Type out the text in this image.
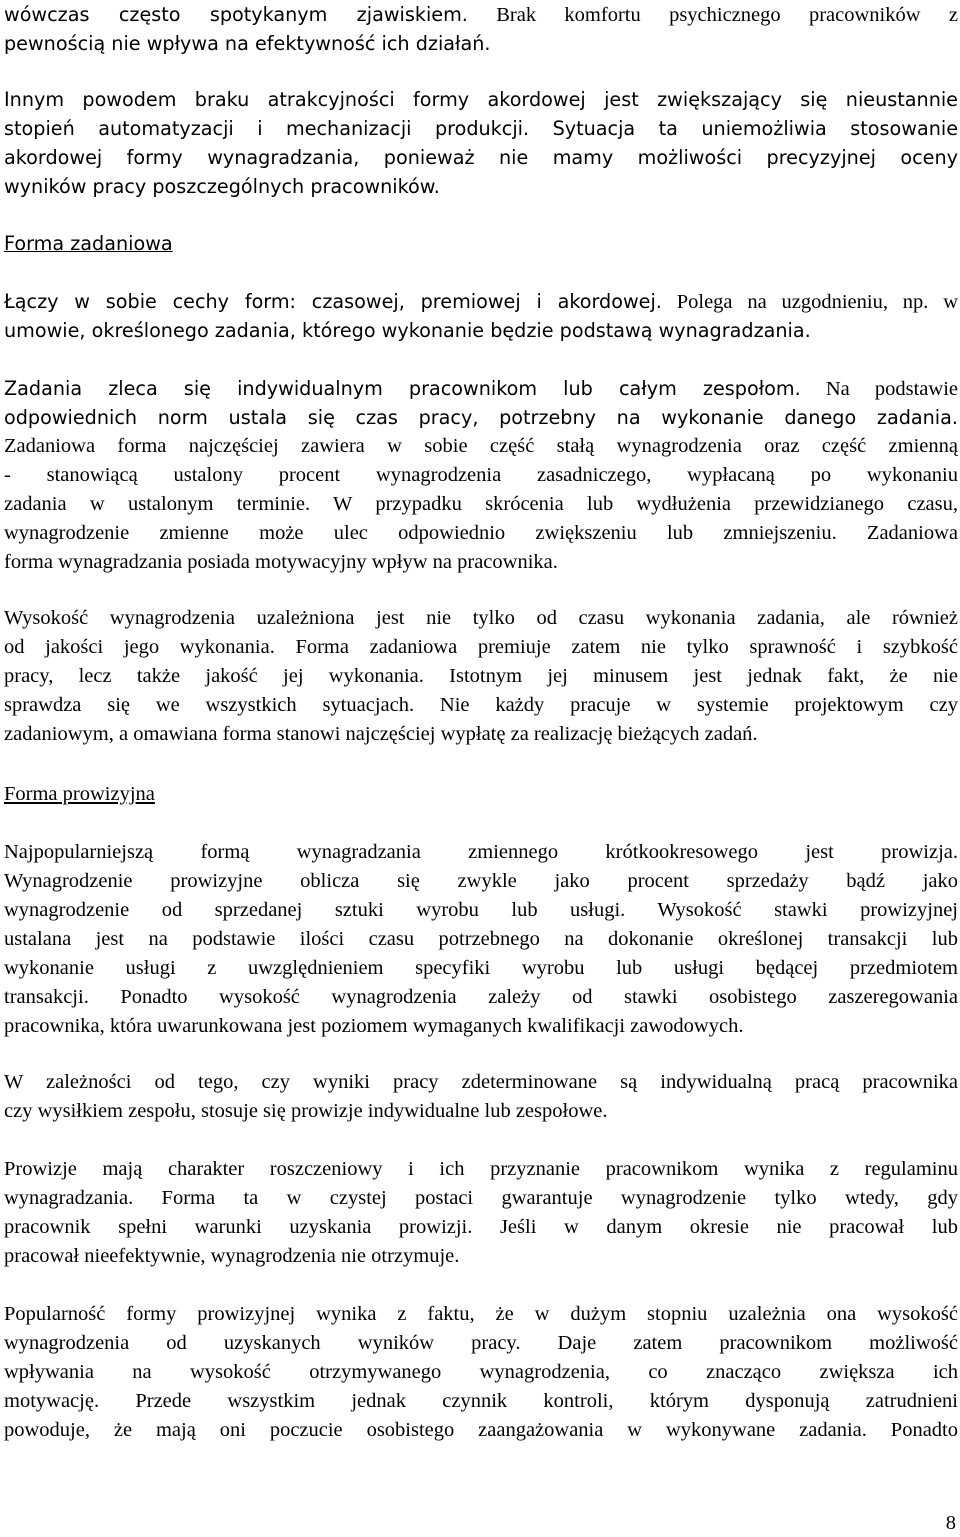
wówczas często spotykanym zjawiskiem. Brak komfortu psychicznego pracowników z
pewnością nie wpływa na efektywność ich działań.

Innym powodem braku atrakcyjności formy akordowej jest zwiększający się nieustannie
stopień automatyzacji i mechanizacji produkcji. Sytuacja ta uniemożliwia stosowanie
akordowej formy wynagradzania, ponieważ nie mamy możliwości precyzyjnej oceny
wyników pracy poszczególnych pracowników.

Forma zadaniowa

Łączy w sobie cechy form: czasowej, premiowej i akordowej. Polega na uzgodnieniu, np. w
umowie, określonego zadania, którego wykonanie będzie podstawą wynagradzania.

Zadania zleca się indywidualnym pracownikom lub całym zespołom. Na podstawie
odpowiednich norm ustala się czas pracy, potrzebny na wykonanie danego zadania.
Zadaniowa forma najczęściej zawiera w sobie część stałą wynagrodzenia oraz część zmienną
- stanowiącą ustalony procent wynagrodzenia zasadniczego, wypłacaną po wykonaniu
zadania w ustalonym terminie. W przypadku skrócenia lub wydłużenia przewidzianego czasu,
wynagrodzenie zmienne może ulec odpowiednio zwiększeniu lub zmniejszeniu. Zadaniowa
forma wynagradzania posiada motywacyjny wpływ na pracownika.

Wysokość wynagrodzenia uzależniona jest nie tylko od czasu wykonania zadania, ale również
od jakości jego wykonania. Forma zadaniowa premiuje zatem nie tylko sprawność i szybkość
pracy, lecz także jakość jej wykonania. Istotnym jej minusem jest jednak fakt, że nie
sprawdza się we wszystkich sytuacjach. Nie każdy pracuje w systemie projektowym czy
zadaniowym, a omawiana forma stanowi najczęściej wypłatę za realizację bieżących zadań.

Forma prowizyjna

Najpopularniejszą formą wynagradzania zmiennego krótkookresowego jest prowizja.
Wynagrodzenie prowizyjne oblicza się zwykle jako procent sprzedaży bądź jako
wynagrodzenie od sprzedanej sztuki wyrobu lub usługi. Wysokość stawki prowizyjnej
ustalana jest na podstawie ilości czasu potrzebnego na dokonanie określonej transakcji lub
wykonanie usługi z uwzględnieniem specyfiki wyrobu lub usługi będącej przedmiotem
transakcji. Ponadto wysokość wynagrodzenia zależy od stawki osobistego zaszeregowania
pracownika, która uwarunkowana jest poziomem wymaganych kwalifikacji zawodowych.

W zależności od tego, czy wyniki pracy zdeterminowane są indywidualną pracą pracownika
czy wysiłkiem zespołu, stosuje się prowizje indywidualne lub zespołowe.

Prowizje mają charakter roszczeniowy i ich przyznanie pracownikom wynika z regulaminu
wynagradzania. Forma ta w czystej postaci gwarantuje wynagrodzenie tylko wtedy, gdy
pracownik spełni warunki uzyskania prowizji. Jeśli w danym okresie nie pracował lub
pracował nieefektywnie, wynagrodzenia nie otrzymuje.

Popularność formy prowizyjnej wynika z faktu, że w dużym stopniu uzależnia ona wysokość
wynagrodzenia od uzyskanych wyników pracy. Daje zatem pracownikom możliwość
wpływania na wysokość otrzymywanego wynagrodzenia, co znacząco zwiększa ich
motywację. Przede wszystkim jednak czynnik kontroli, którym dysponują zatrudnieni
powoduje, że mają oni poczucie osobistego zaangażowania w wykonywane zadania. Ponadto

8
